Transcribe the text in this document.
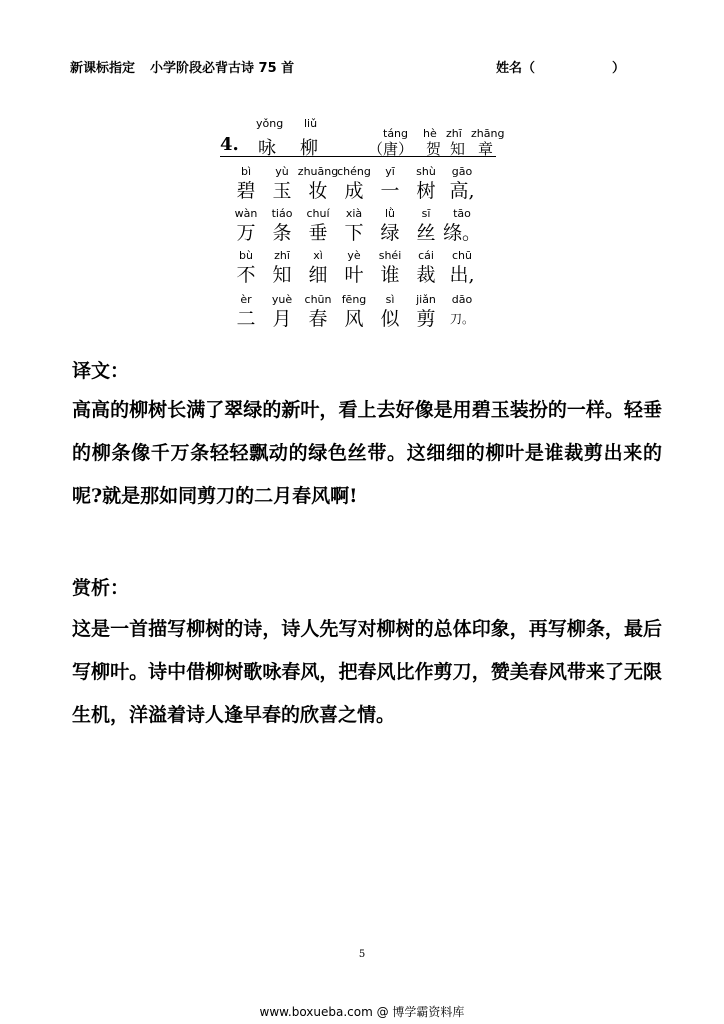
新课标指定 小学阶段必背古诗 75 首	姓名（	）
4.
yǒng
咏
liǔ
柳
táng
（唐）
hè
贺
zhī
知
zhāng
章
bì
碧
yù
玉
zhuāng
妆
chéng
成
yī
一
shù
树
gāo
高,
wàn
万
tiáo
条
chuí
垂
xià
下
lǜ
绿
sī
丝
tāo
绦。
bù
不
zhī
知
xì
细
yè
叶
shéi
谁
cái
裁
chū
出,
èr
二
yuè
月
chūn
春
fēng
风
sì
似
jiǎn
剪
dāo
刀。
译文：
高高的柳树长满了翠绿的新叶，看上去好像是用碧玉装扮的一样。轻垂的柳条像千万条轻轻飘动的绿色丝带。这细细的柳叶是谁裁剪出来的呢?就是那如同剪刀的二月春风啊!
赏析：
这是一首描写柳树的诗，诗人先写对柳树的总体印象，再写柳条，最后写柳叶。诗中借柳树歌咏春风，把春风比作剪刀，赞美春风带来了无限生机，洋溢着诗人逢早春的欣喜之情。
5
www.boxueba.com @ 博学霸资料库
